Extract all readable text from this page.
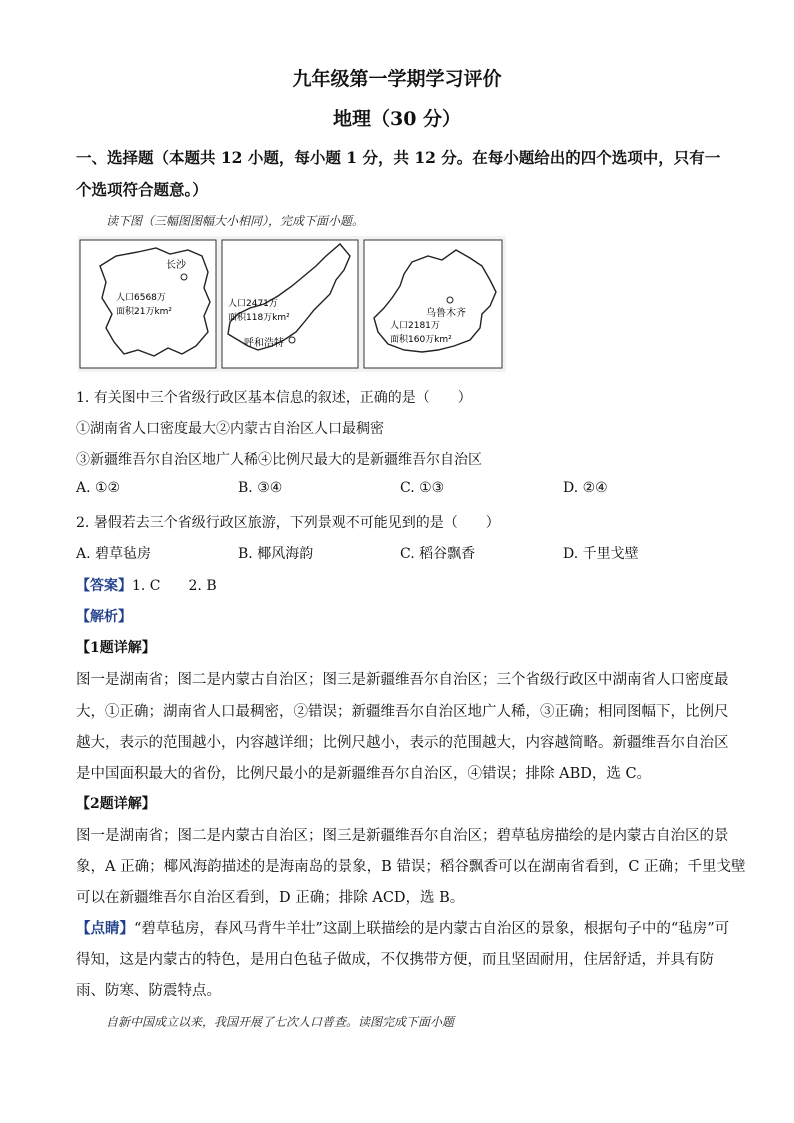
九年级第一学期学习评价
地理（30 分）
一、选择题（本题共 12 小题，每小题 1 分，共 12 分。在每小题给出的四个选项中，只有一
个选项符合题意。）
读下图（三幅图图幅大小相同），完成下面小题。
长沙
人口6568万
面积21万km²
呼和浩特
人口2471万
面积118万km²	乌鲁木齐
人口2181万
面积160万km²
1. 有关图中三个省级行政区基本信息的叙述，正确的是（　　）
①湖南省人口密度最大②内蒙古自治区人口最稠密
③新疆维吾尔自治区地广人稀④比例尺最大的是新疆维吾尔自治区
A. ①②	B. ③④	C. ①③	D. ②④
2. 暑假若去三个省级行政区旅游，下列景观不可能见到的是（　　）
A. 碧草毡房	B. 椰风海韵	C. 稻谷飘香	D. 千里戈壁
【答案】1. C　　2. B
【解析】
【1题详解】
图一是湖南省；图二是内蒙古自治区；图三是新疆维吾尔自治区；三个省级行政区中湖南省人口密度最
大，①正确；湖南省人口最稠密，②错误；新疆维吾尔自治区地广人稀，③正确；相同图幅下，比例尺
越大，表示的范围越小，内容越详细；比例尺越小，表示的范围越大，内容越简略。新疆维吾尔自治区
是中国面积最大的省份，比例尺最小的是新疆维吾尔自治区，④错误；排除 ABD，选 C。
【2题详解】
图一是湖南省；图二是内蒙古自治区；图三是新疆维吾尔自治区；碧草毡房描绘的是内蒙古自治区的景
象，A 正确；椰风海韵描述的是海南岛的景象，B 错误；稻谷飘香可以在湖南省看到，C 正确；千里戈壁
可以在新疆维吾尔自治区看到，D 正确；排除 ACD，选 B。
【点睛】“碧草毡房，春风马背牛羊壮”这副上联描绘的是内蒙古自治区的景象，根据句子中的“毡房”可
得知，这是内蒙古的特色，是用白色毡子做成，不仅携带方便，而且坚固耐用，住居舒适，并具有防
雨、防寒、防震特点。
自新中国成立以来，我国开展了七次人口普查。读图完成下面小题
